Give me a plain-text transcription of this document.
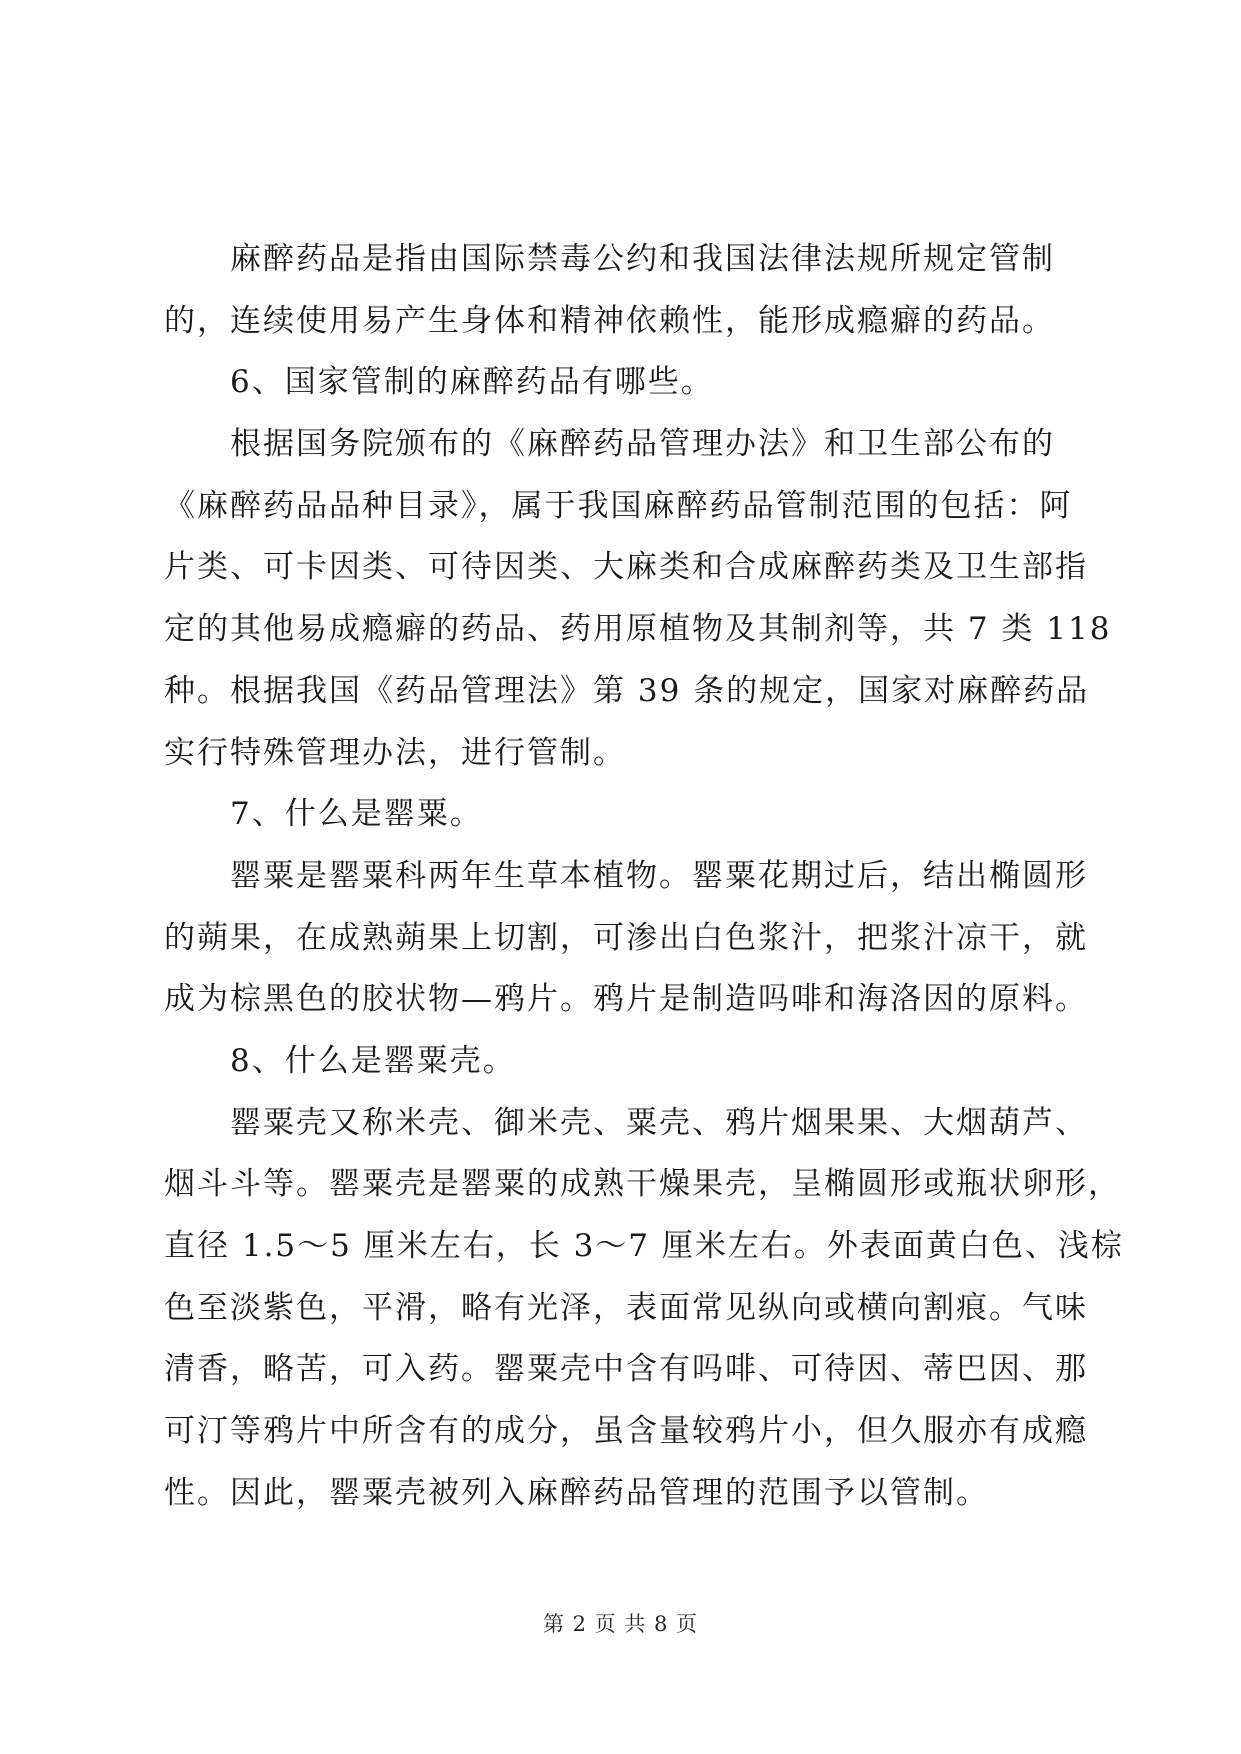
麻醉药品是指由国际禁毒公约和我国法律法规所规定管制
的，连续使用易产生身体和精神依赖性，能形成瘾癖的药品。
6、国家管制的麻醉药品有哪些。
根据国务院颁布的《麻醉药品管理办法》和卫生部公布的
《麻醉药品品种目录》，属于我国麻醉药品管制范围的包括：阿
片类、可卡因类、可待因类、大麻类和合成麻醉药类及卫生部指
定的其他易成瘾癖的药品、药用原植物及其制剂等，共 7 类 118
种。根据我国《药品管理法》第 39 条的规定，国家对麻醉药品
实行特殊管理办法，进行管制。
7、什么是罂粟。
罂粟是罂粟科两年生草本植物。罂粟花期过后，结出椭圆形
的蒴果，在成熟蒴果上切割，可渗出白色浆汁，把浆汁凉干，就
成为棕黑色的胶状物—鸦片。鸦片是制造吗啡和海洛因的原料。
8、什么是罂粟壳。
罂粟壳又称米壳、御米壳、粟壳、鸦片烟果果、大烟葫芦、
烟斗斗等。罂粟壳是罂粟的成熟干燥果壳，呈椭圆形或瓶状卵形，
直径 1.5～5 厘米左右，长 3～7 厘米左右。外表面黄白色、浅棕
色至淡紫色，平滑，略有光泽，表面常见纵向或横向割痕。气味
清香，略苦，可入药。罂粟壳中含有吗啡、可待因、蒂巴因、那
可汀等鸦片中所含有的成分，虽含量较鸦片小，但久服亦有成瘾
性。因此，罂粟壳被列入麻醉药品管理的范围予以管制。
第 2 页 共 8 页
